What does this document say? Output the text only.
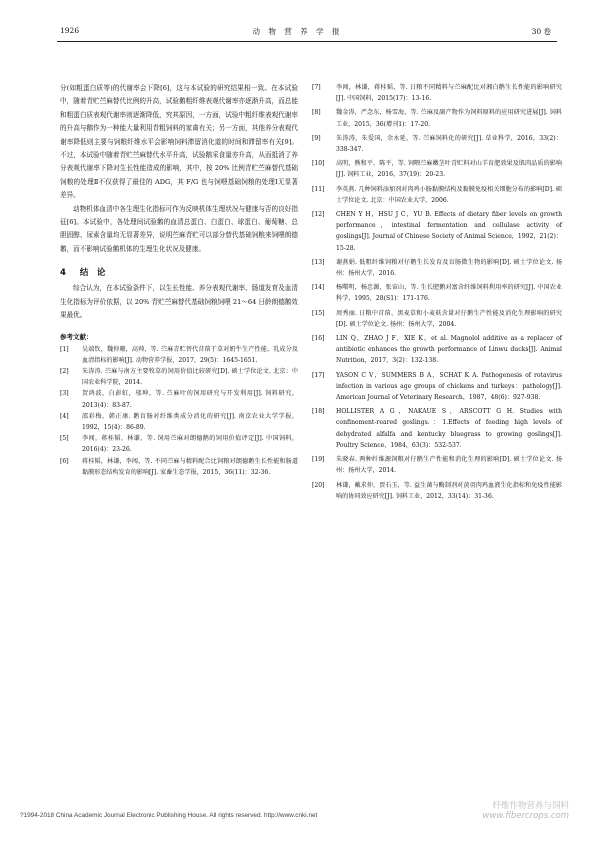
1926	动 物 营 养 学 报	30 卷

分(如粗蛋白质等)的代谢率会下降[6]，这与本试验的研究结果相一致。在本试验中，随着青贮苎麻替代比例的升高，试验鹅粗纤维表观代谢率亦逐渐升高，而总能和粗蛋白质表观代谢率则逐渐降低，究其原因，一方面，试验中粗纤维表观代谢率的升高与鹅作为一种能大量利用青粗饲料的家禽有关；另一方面，其他养分表观代谢率降低则主要与饲粮纤维水平会影响饲料滞留消化道的时间和滞留率有关[9]。不过，本试验中随着青贮苎麻替代水平升高，试验鹅采食量亦升高，从而抵消了养分表观代谢率下降对生长性能造成的影响，其中，按 20% 比例青贮苎麻替代基础饲粮的处理Ⅱ不仅获得了最佳的 ADG，其 F/G 也与饲喂基础饲粮的处理Ⅰ无显著差异。

动物机体血清中各生理生化指标可作为反映机体生理状况与健康与否的良好指征[6]。本试验中，各处理间试验鹅的血清总蛋白、白蛋白、球蛋白、葡萄糖、总胆固醇、尿素含量均无显著差异，说明苎麻青贮可以部分替代基础饲粮来饲喂朗德鹅，而不影响试验鹅机体的生理生化状况及健康。

4 结　论

综合认为，在本试验条件下，以生长性能、养分表观代谢率、肠道发育及血清生化指标为评价依据，以 20% 青贮苎麻替代基础饲粮饲喂 21～64 日龄朗德鹅效果最优。

参考文献：
[1]	吴端钦，魏仲珊，高帅，等. 苎麻青贮替代苜蓿干草对奶牛生产性能、乳成分及血清指标的影响[J]. 动物营养学报，2017，29(5)：1645-1651.
[2]	朱涛涛. 苎麻与南方主要牧草的饲用价值比较研究[D]. 硕士学位论文. 北京：中国农业科学院，2014.
[3]	贺鸿波，白彭虹，邬坤，等. 苎麻叶的饲用研究与开发利用[J]. 饲料研究，2013(4)：83-87.
[4]	邵彩梅，韩正康. 鹅盲肠对纤维类成分消化的研究[J]. 南京农业大学学报，1992，15(4)：86-89.
[5]	李闯，蒋桂韬，林谦，等. 饲用苎麻对朗德鹅的饲用价值评定[J]. 中国饲料，2016(4)：23-26.
[6]	蒋桂韬，林谦，李闯，等. 不同苎麻与精料配合比饲粮对朗德鹅生长性能和肠道黏膜形态结构发育的影响[J]. 家畜生态学报，2015，36(11)：32-36.
[7]	李闯，林谦，蒋桂韬，等. 日粮不同精料与苎麻配比对湘白鹅生长性能的影响研究[J]. 中国饲料，2015(17)：13-16.
[8]	魏金涛，严念东，杨雪海，等. 苎麻及副产物作为饲料原料的应用研究进展[J]. 饲料工业，2015，36(增刊1)：17-20.
[9]	朱涛涛，朱爱国，余永延，等. 苎麻饲料化的研究[J]. 草业科学，2016，33(2)：338-347.
[10]	高明，熊和平，陈平，等. 饲喂苎麻嫩茎叶青贮料对山羊育肥效果及肌肉品质的影响[J]. 饲料工业，2016，37(19)：20-23.
[11]	李英燕. 几种饲料添加剂对肉鸡小肠黏膜结构及黏膜免疫相关细胞分布的影响[D]. 硕士学位论文. 北京：中国农业大学，2006.
[12]	CHEN Y H，HSU J C，YU B. Effects of dietary fiber levels on growth performance，intestinal fermentation and cellulase activity of goslings[J]. Journal of Chinese Society of Animal Science，1992，21(2)：15-28.
[13]	谢燕娟. 低粗纤维饲粮对仔鹅生长发育及盲肠微生物的影响[D]. 硕士学位论文. 扬州：扬州大学，2016.
[14]	杨曙明，杨忠源，张宙山，等. 生长肥鹅对富含纤维饲料利用率的研究[J]. 中国农业科学，1995，28(S1)：171-176.
[15]	周秀丽. 日粮中苜蓿、黑麦草和小麦麸含量对仔鹅生产性能及消化生理影响的研究[D]. 硕士学位论文. 扬州：扬州大学，2004.
[16]	LIN Q，ZHAO J F，XIE K，et al. Magnolol additive as a replacer of antibiotic enhances the growth performance of Linwu ducks[J]. Animal Nutrition，2017，3(2)：132-138.
[17]	YASON C V，SUMMERS B A，SCHAT K A. Pathogenesis of rotavirus infection in various age groups of chickens and turkeys：pathology[J]. American Journal of Veterinary Research，1987，48(6)：927-938.
[18]	HOLLISTER A G，NAKAUE S，ARSCOTT G H. Studies with confinement-reared goslings.：1.Effects of feeding high levels of dehydrated alfalfa and kentucky bluegrass to growing goslings[J]. Poultry Science，1984，63(3)：532-537.
[19]	朱晓春. 两种纤维源饲粮对仔鹅生产性能和消化生理的影响[D]. 硕士学位论文. 扬州：扬州大学，2014.
[20]	林谦，戴求仲，贾石玉，等. 益生菌与酶制剂对黄羽肉鸡血液生化指标和免疫性能影响的协同效应研究[J]. 饲料工业，2012，33(14)：31-36.
?1994-2018 China Academic Journal Electronic Publishing House. All rights reserved. http://www.cnki.net
纤维作物营养与饲料
www.fibercrops.com
